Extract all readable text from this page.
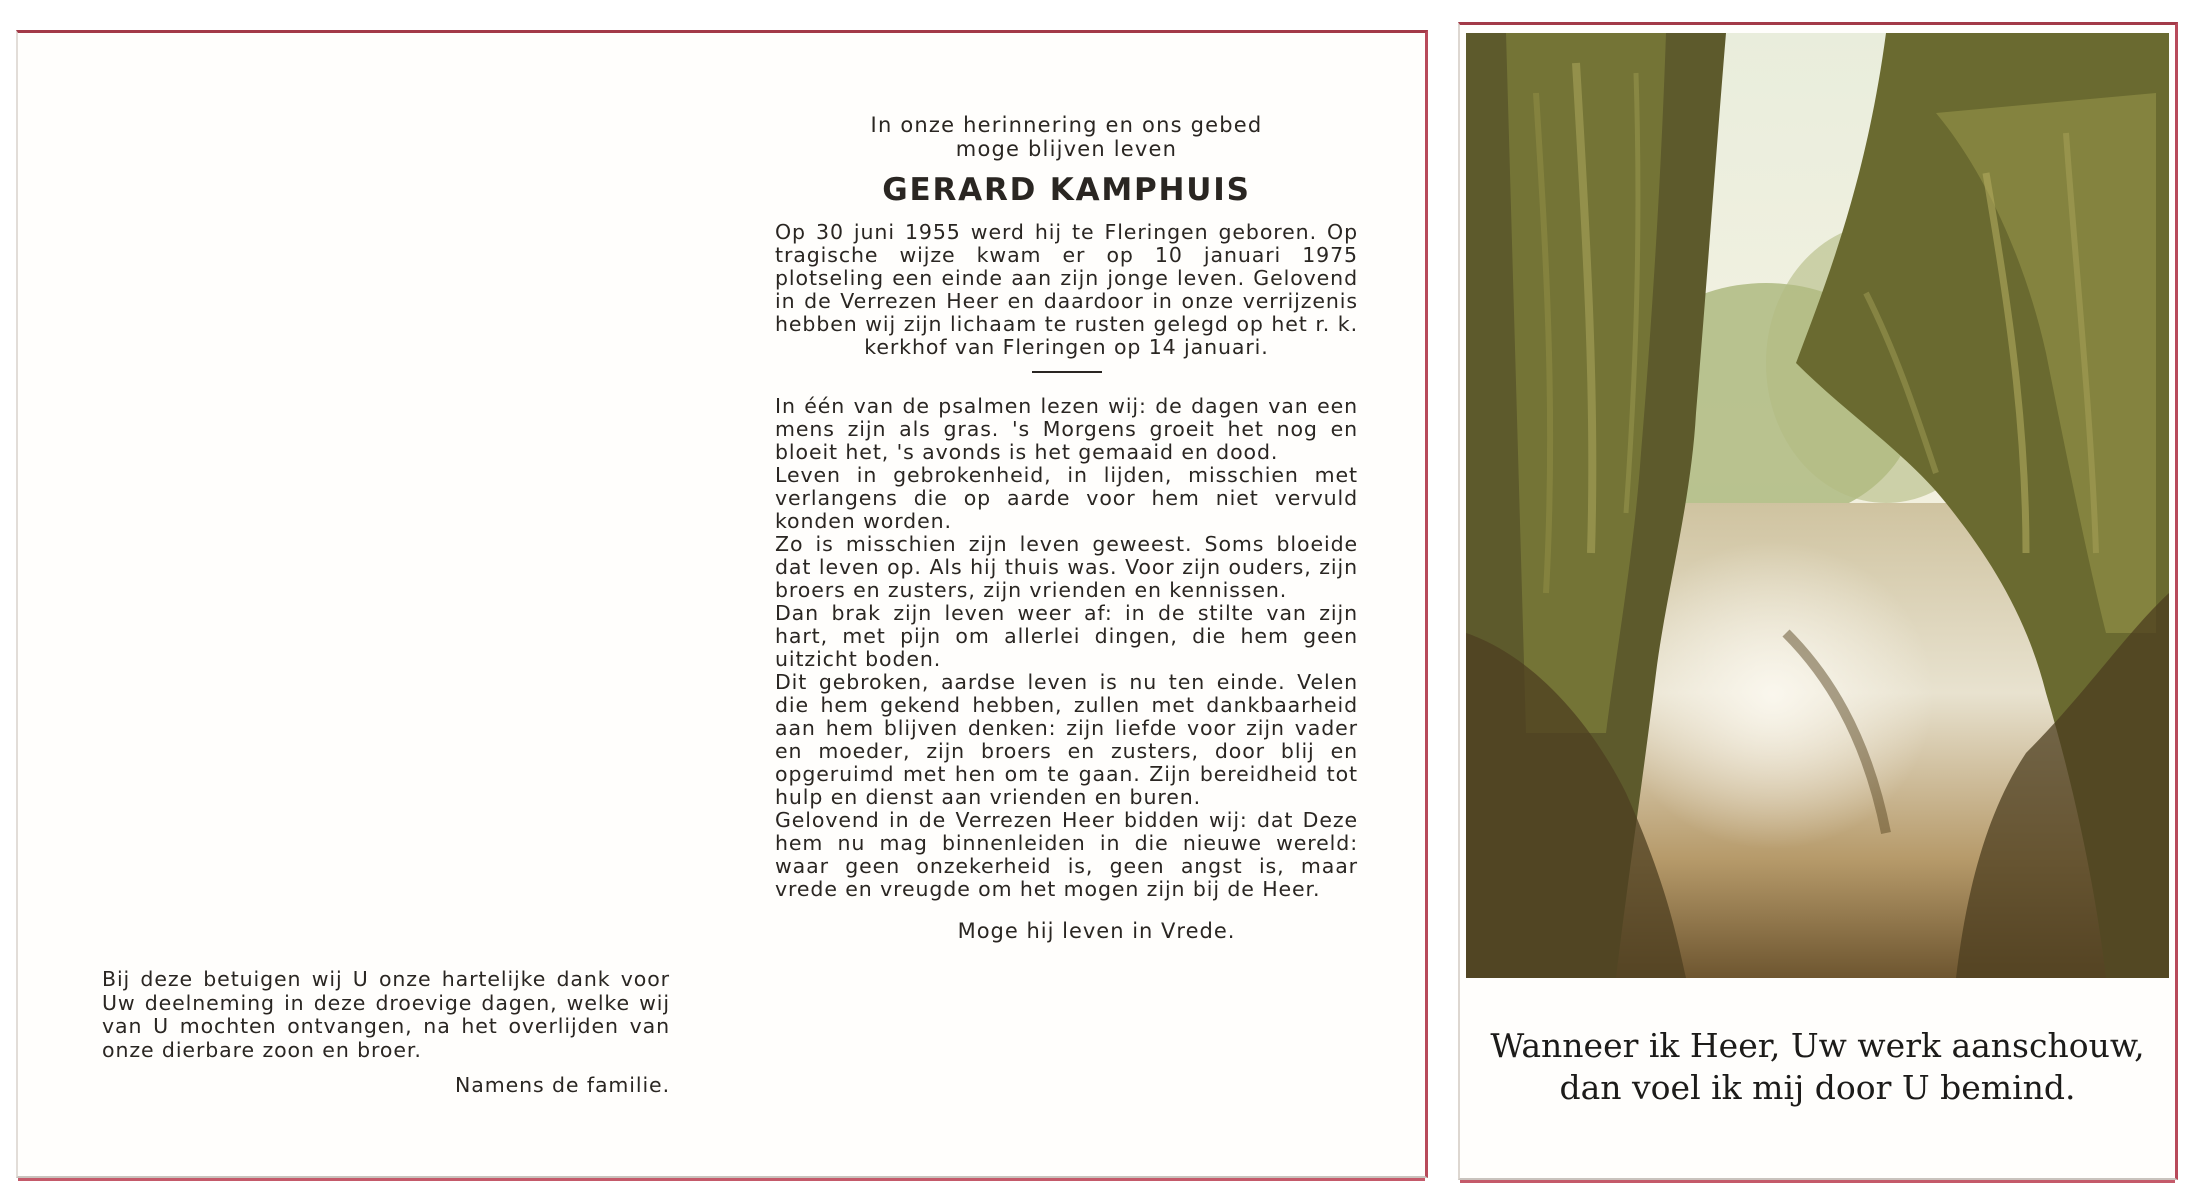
In onze herinnering en ons gebed
moge blijven leven
GERARD KAMPHUIS
Op 30 juni 1955 werd hij te Fleringen geboren. Op tragische wijze kwam er op 10 januari 1975 plotseling een einde aan zijn jonge leven. Gelovend in de Verrezen Heer en daardoor in onze verrijzenis hebben wij zijn lichaam te rusten gelegd op het r. k. kerkhof van Fleringen op 14 januari.

In één van de psalmen lezen wij: de dagen van een mens zijn als gras. 's Morgens groeit het nog en bloeit het, 's avonds is het gemaaid en dood.

Leven in gebrokenheid, in lijden, misschien met verlangens die op aarde voor hem niet vervuld konden worden.

Zo is misschien zijn leven geweest. Soms bloeide dat leven op. Als hij thuis was. Voor zijn ouders, zijn broers en zusters, zijn vrienden en kennissen.

Dan brak zijn leven weer af: in de stilte van zijn hart, met pijn om allerlei dingen, die hem geen uitzicht boden.

Dit gebroken, aardse leven is nu ten einde. Velen die hem gekend hebben, zullen met dankbaarheid aan hem blijven denken: zijn liefde voor zijn vader en moeder, zijn broers en zusters, door blij en opgeruimd met hen om te gaan. Zijn bereidheid tot hulp en dienst aan vrienden en buren.

Gelovend in de Verrezen Heer bidden wij: dat Deze hem nu mag binnenleiden in die nieuwe wereld: waar geen onzekerheid is, geen angst is, maar vrede en vreugde om het mogen zijn bij de Heer.

Moge hij leven in Vrede.
Bij deze betuigen wij U onze hartelijke dank voor Uw deelneming in deze droevige dagen, welke wij van U mochten ontvangen, na het overlijden van onze dierbare zoon en broer.
Namens de familie.
Wanneer ik Heer, Uw werk aanschouw,
dan voel ik mij door U bemind.
